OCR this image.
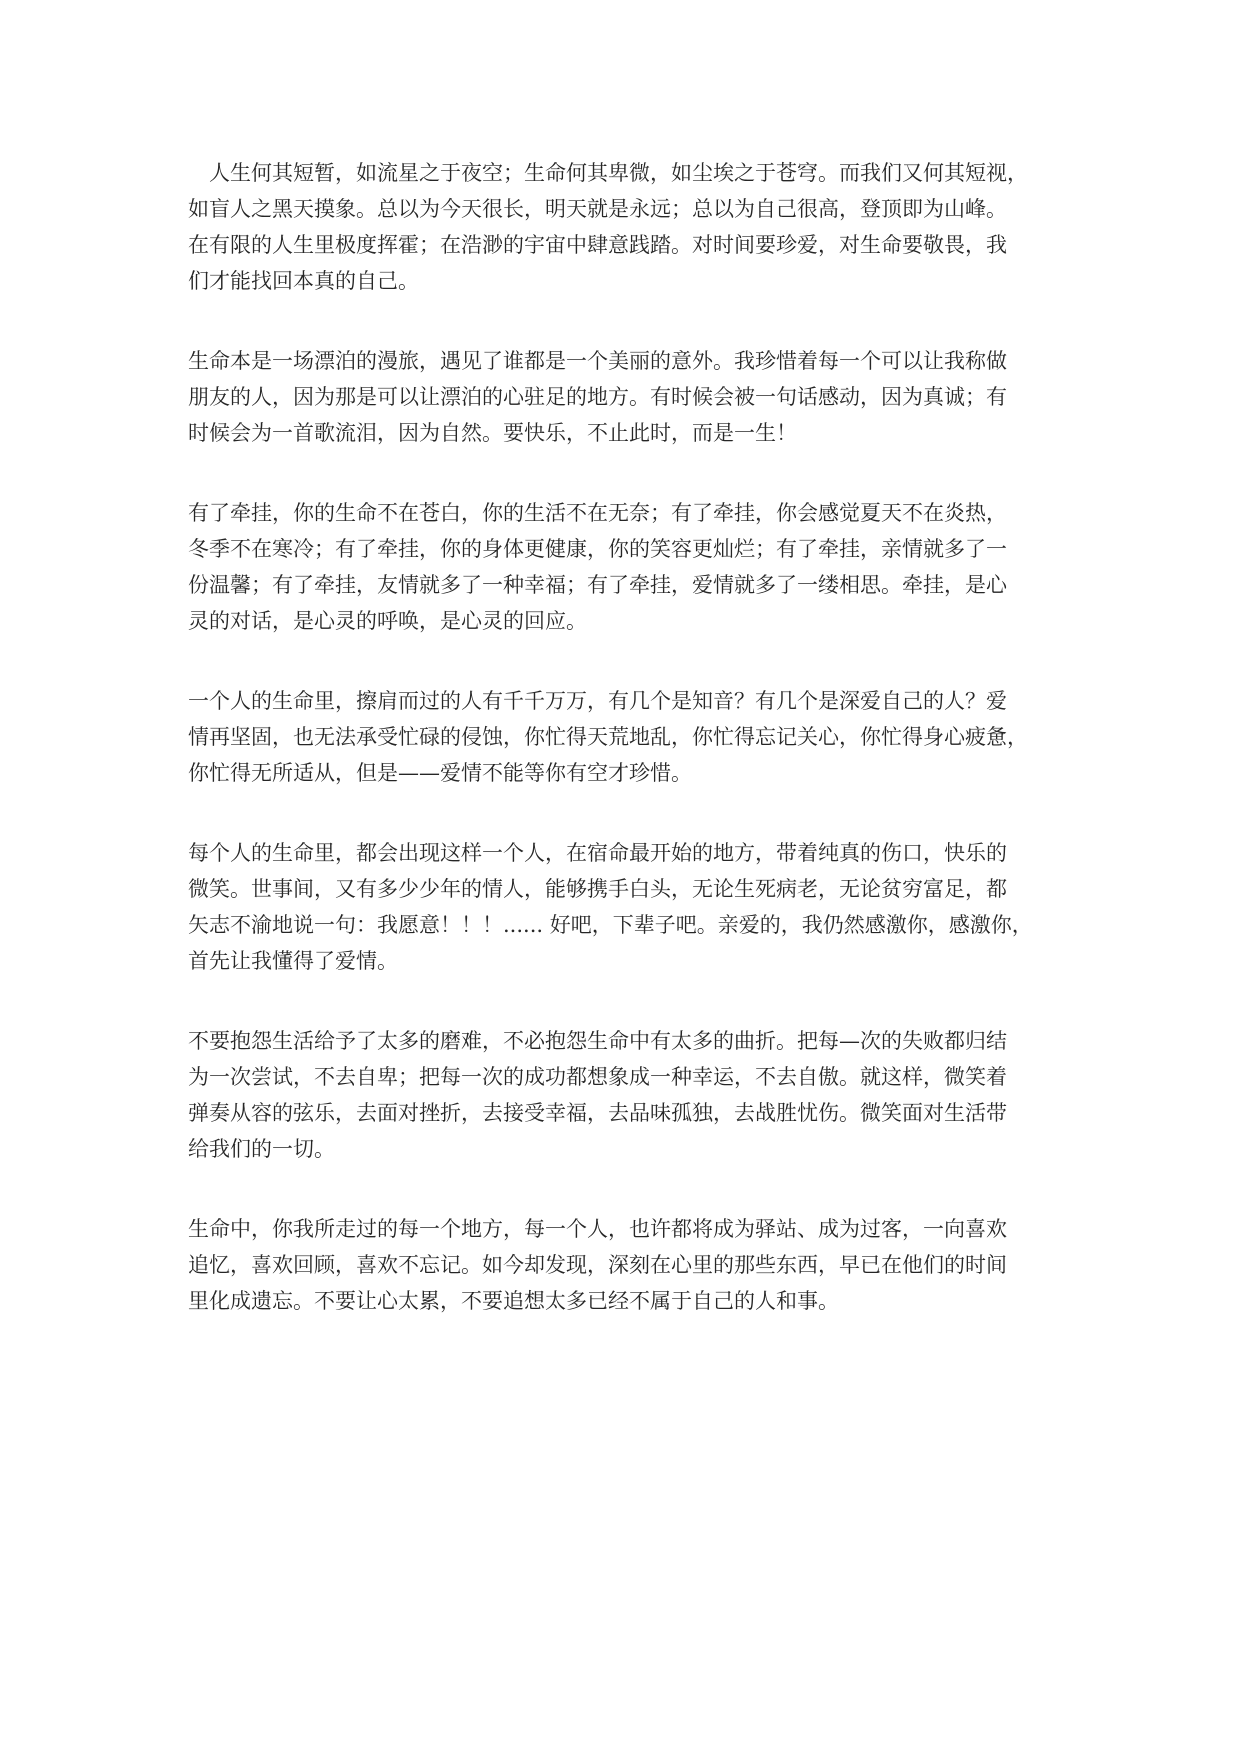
　人生何其短暂，如流星之于夜空；生命何其卑微，如尘埃之于苍穹。而我们又何其短视，
如盲人之黑天摸象。总以为今天很长，明天就是永远；总以为自己很高，登顶即为山峰。
在有限的人生里极度挥霍；在浩渺的宇宙中肆意践踏。对时间要珍爱，对生命要敬畏，我
们才能找回本真的自己。
生命本是一场漂泊的漫旅，遇见了谁都是一个美丽的意外。我珍惜着每一个可以让我称做
朋友的人，因为那是可以让漂泊的心驻足的地方。有时候会被一句话感动，因为真诚；有
时候会为一首歌流泪，因为自然。要快乐，不止此时，而是一生！
有了牵挂，你的生命不在苍白，你的生活不在无奈；有了牵挂，你会感觉夏天不在炎热，
冬季不在寒冷；有了牵挂，你的身体更健康，你的笑容更灿烂；有了牵挂，亲情就多了一
份温馨；有了牵挂，友情就多了一种幸福；有了牵挂，爱情就多了一缕相思。牵挂，是心
灵的对话，是心灵的呼唤，是心灵的回应。
一个人的生命里，擦肩而过的人有千千万万，有几个是知音？有几个是深爱自己的人？爱
情再坚固，也无法承受忙碌的侵蚀，你忙得天荒地乱，你忙得忘记关心，你忙得身心疲惫，
你忙得无所适从，但是——爱情不能等你有空才珍惜。
每个人的生命里，都会出现这样一个人，在宿命最开始的地方，带着纯真的伤口，快乐的
微笑。世事间，又有多少少年的情人，能够携手白头，无论生死病老，无论贫穷富足，都
矢志不渝地说一句：我愿意！！！...... 好吧，下辈子吧。亲爱的，我仍然感激你，感激你，
首先让我懂得了爱情。
不要抱怨生活给予了太多的磨难，不必抱怨生命中有太多的曲折。把每—次的失败都归结
为一次尝试，不去自卑；把每一次的成功都想象成一种幸运，不去自傲。就这样，微笑着
弹奏从容的弦乐，去面对挫折，去接受幸福，去品味孤独，去战胜忧伤。微笑面对生活带
给我们的一切。
生命中，你我所走过的每一个地方，每一个人，也许都将成为驿站、成为过客，一向喜欢
追忆，喜欢回顾，喜欢不忘记。如今却发现，深刻在心里的那些东西，早已在他们的时间
里化成遗忘。不要让心太累，不要追想太多已经不属于自己的人和事。
